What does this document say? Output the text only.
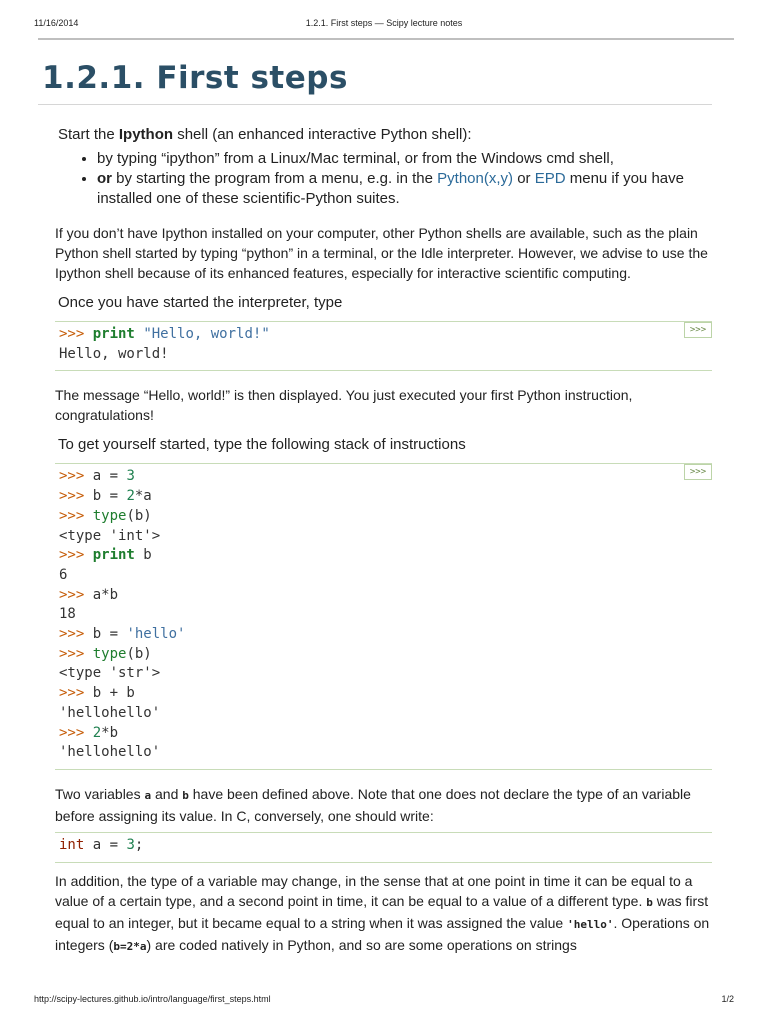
11/16/2014	1.2.1. First steps — Scipy lecture notes
1.2.1. First steps

Start the Ipython shell (an enhanced interactive Python shell):

• by typing “ipython” from a Linux/Mac terminal, or from the Windows cmd shell,
• or by starting the program from a menu, e.g. in the Python(x,y) or EPD menu if you have installed one of these scientific-Python suites.

If you don’t have Ipython installed on your computer, other Python shells are available, such as the plain Python shell started by typing “python” in a terminal, or the Idle interpreter. However, we advise to use the Ipython shell because of its enhanced features, especially for interactive scientific computing.

Once you have started the interpreter, type

>>>
>>> print "Hello, world!"
Hello, world!

The message “Hello, world!” is then displayed. You just executed your first Python instruction, congratulations!

To get yourself started, type the following stack of instructions

>>>
>>> a = 3
>>> b = 2*a
>>> type(b)
<type 'int'>
>>> print b
6
>>> a*b
18
>>> b = 'hello'
>>> type(b)
<type 'str'>
>>> b + b
'hellohello'
>>> 2*b
'hellohello'

Two variables a and b have been defined above. Note that one does not declare the type of an variable before assigning its value. In C, conversely, one should write:

int a = 3;

In addition, the type of a variable may change, in the sense that at one point in time it can be equal to a value of a certain type, and a second point in time, it can be equal to a value of a different type. b was first equal to an integer, but it became equal to a string when it was assigned the value 'hello'. Operations on integers (b=2*a) are coded natively in Python, and so are some operations on strings

http://scipy-lectures.github.io/intro/language/first_steps.html	1/2
